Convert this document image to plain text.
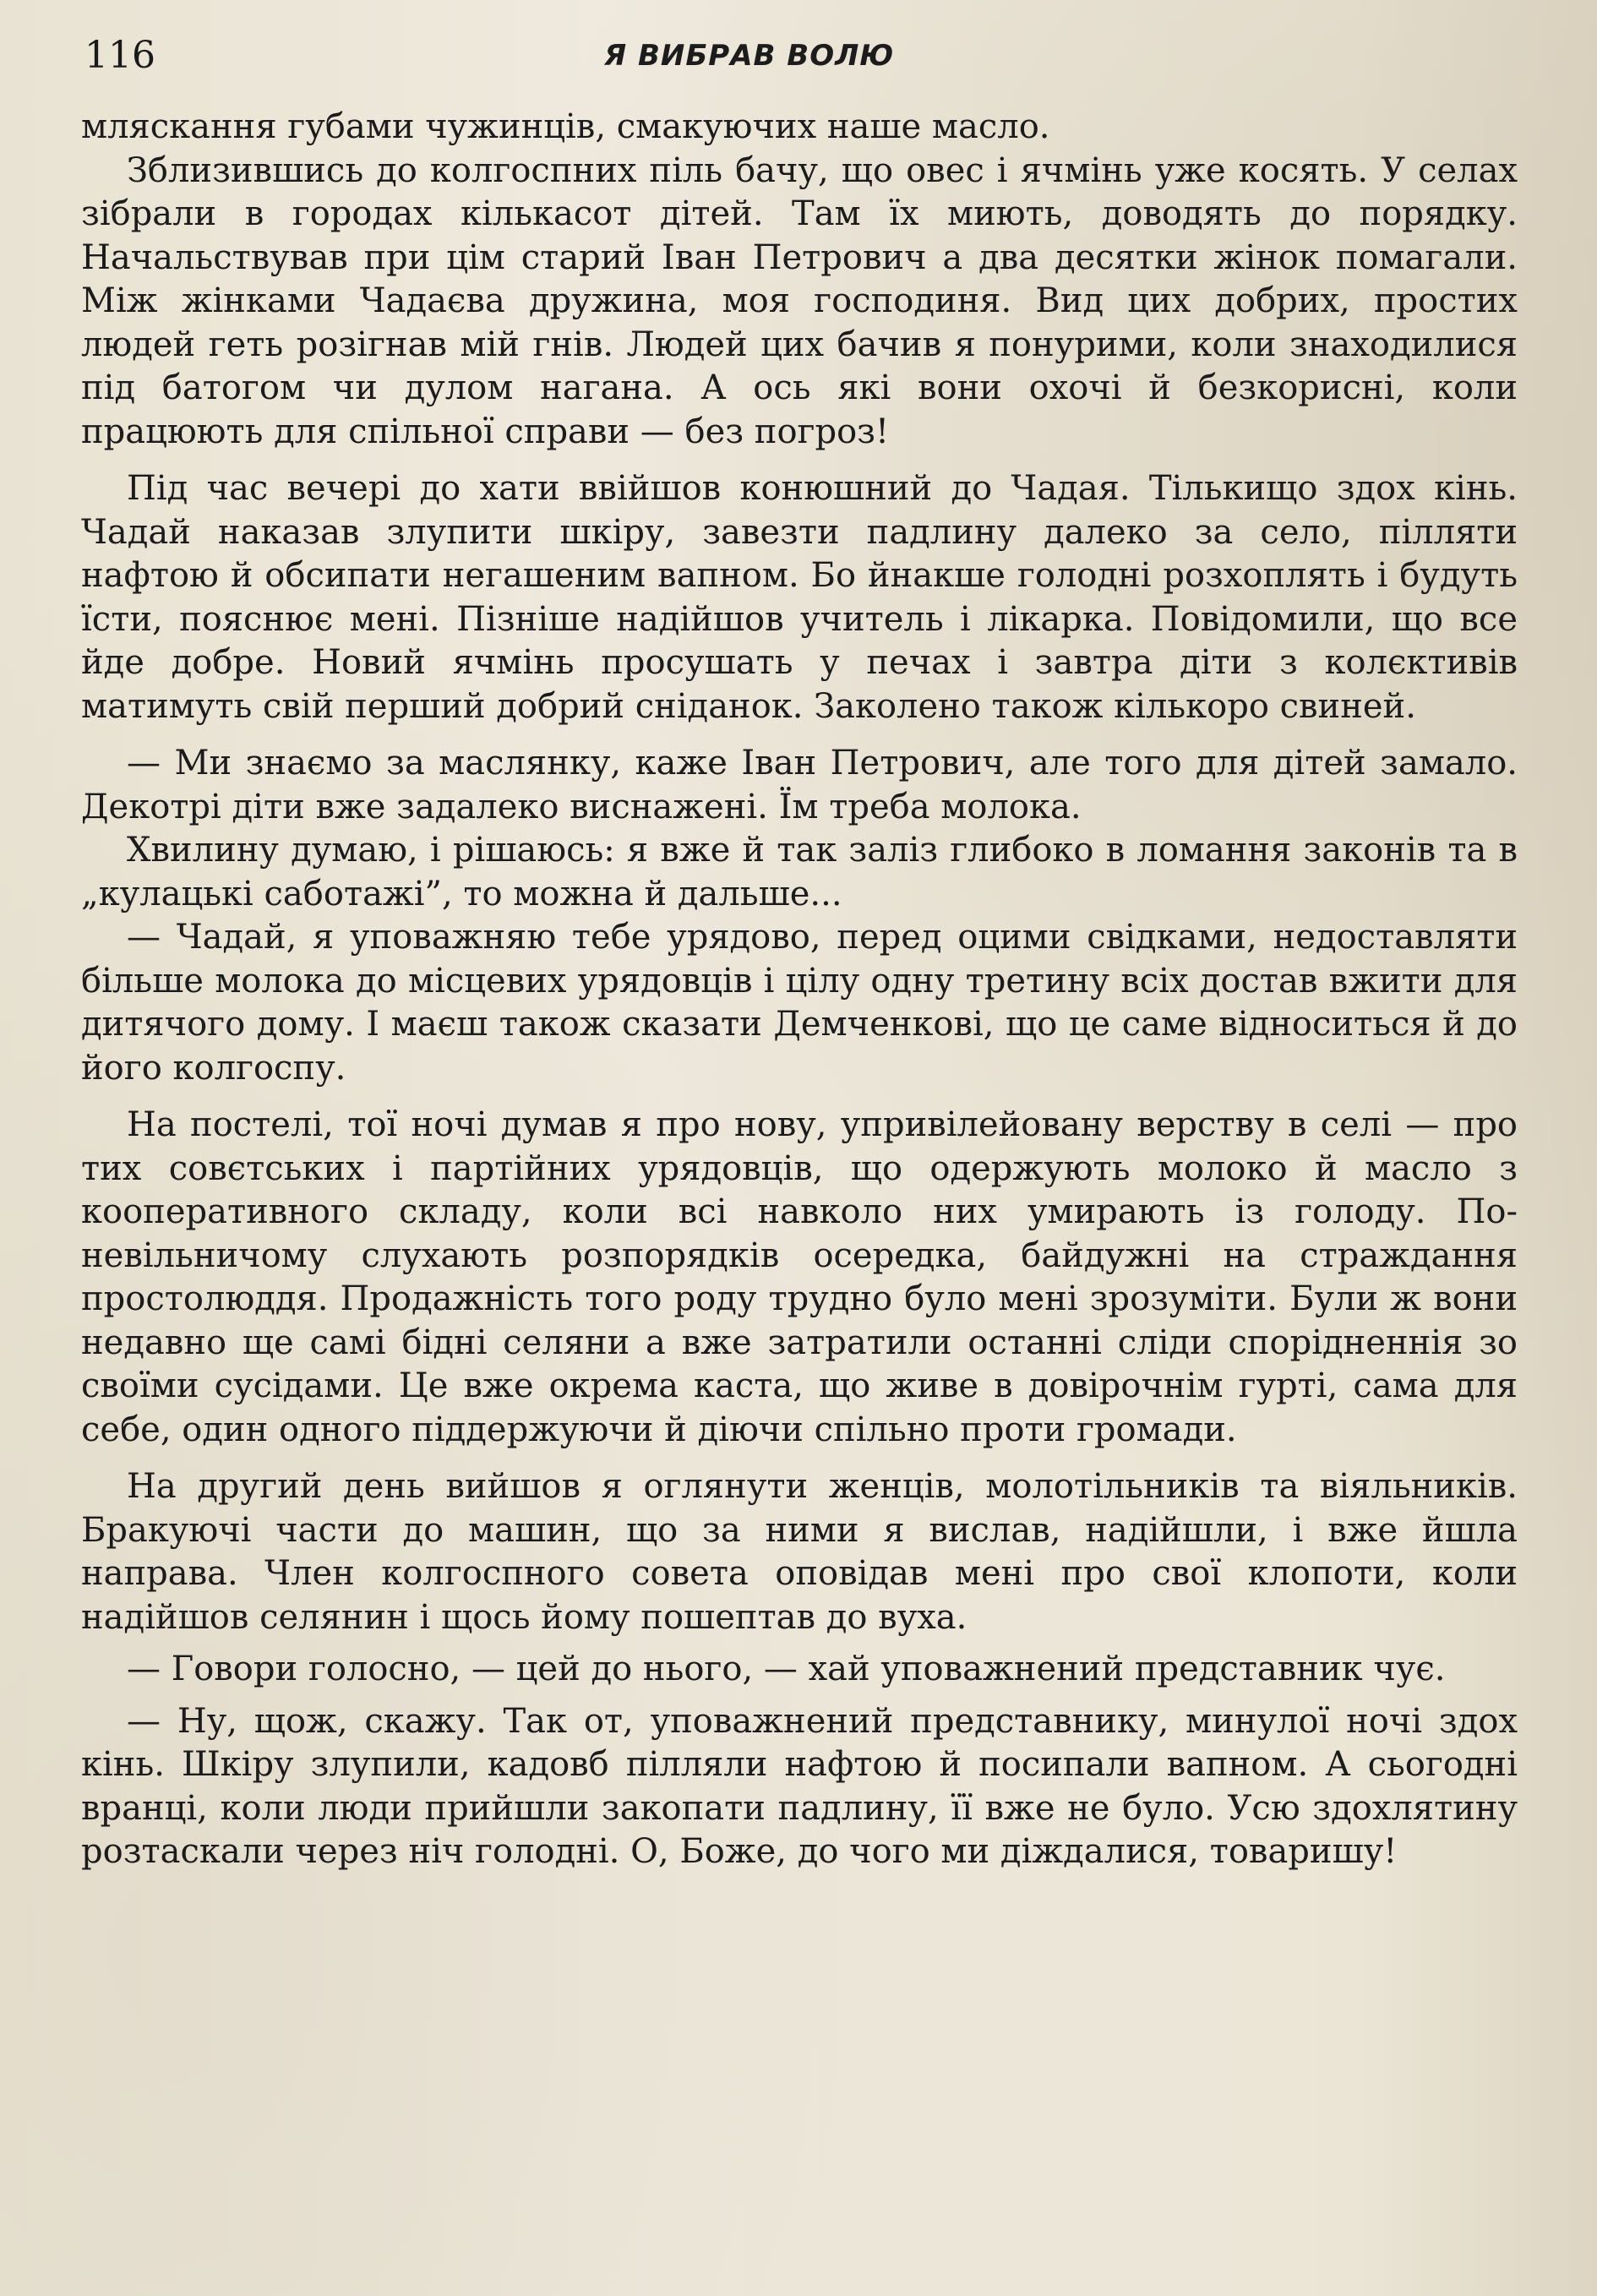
116	Я ВИБРАВ ВОЛЮ

мляскання губами чужинців, смакуючих наше масло.

Зблизившись до колгоспних піль бачу, що овес і ячмінь уже косять. У селах зібрали в городах кількасот дітей. Там їх миють, доводять до порядку. Начальствував при цім старий Іван Петрович а два десятки жінок помагали. Між жінками Чадаєва дружина, моя господиня. Вид цих добрих, простих людей геть розігнав мій гнів. Людей цих бачив я понурими, коли знаходилися під батогом чи дулом нагана. А ось які вони охочі й безкорисні, коли працюють для спільної справи — без погроз!

Під час вечері до хати ввійшов конюшний до Чадая. Тількищо здох кінь. Чадай наказав злупити шкіру, завезти падлину далеко за село, пілляти нафтою й обсипати негашеним вапном. Бо йнакше голодні розхоплять і будуть їсти, пояснює мені. Пізніше надійшов учитель і лікарка. Повідомили, що все йде добре. Новий ячмінь просушать у печах і завтра діти з колєктивів матимуть свій перший добрий сніданок. Заколено також кількоро свиней.

— Ми знаємо за маслянку, каже Іван Петрович, але того для дітей замало. Декотрі діти вже задалеко виснажені. Їм треба молока.

Хвилину думаю, і рішаюсь: я вже й так заліз глибоко в ломання законів та в „кулацькі саботажі”, то можна й дальше...

— Чадай, я уповажняю тебе урядово, перед оцими свідками, недоставляти більше молока до місцевих урядовців і цілу одну третину всіх достав вжити для дитячого дому. І маєш також сказати Демченкові, що це саме відноситься й до його колгоспу.

На постелі, тої ночі думав я про нову, упривілейовану верству в селі — про тих совєтських і партійних урядовців, що одержують молоко й масло з кооперативного складу, коли всі навколо них умирають із голоду. По-невільничому слухають розпорядків осередка, байдужні на страждання простолюддя. Продажність того роду трудно було мені зрозуміти. Були ж вони недавно ще самі бідні селяни а вже затратили останні сліди спорідненнія зо своїми сусідами. Це вже окрема каста, що живе в довірочнім гурті, сама для себе, один одного піддержуючи й діючи спільно проти громади.

На другий день вийшов я оглянути женців, молотільників та віяльників. Бракуючі части до машин, що за ними я вислав, надійшли, і вже йшла направа. Член колгоспного совета оповідав мені про свої клопоти, коли надійшов селянин і щось йому пошептав до вуха.

— Говори голосно, — цей до нього, — хай уповажнений представник чує.

— Ну, щож, скажу. Так от, уповажнений представнику, минулої ночі здох кінь. Шкіру злупили, кадовб пілляли нафтою й посипали вапном. А сьогодні вранці, коли люди прийшли закопати падлину, її вже не було. Усю здохлятину розтаскали через ніч голодні. О, Боже, до чого ми діждалися, товаришу!
